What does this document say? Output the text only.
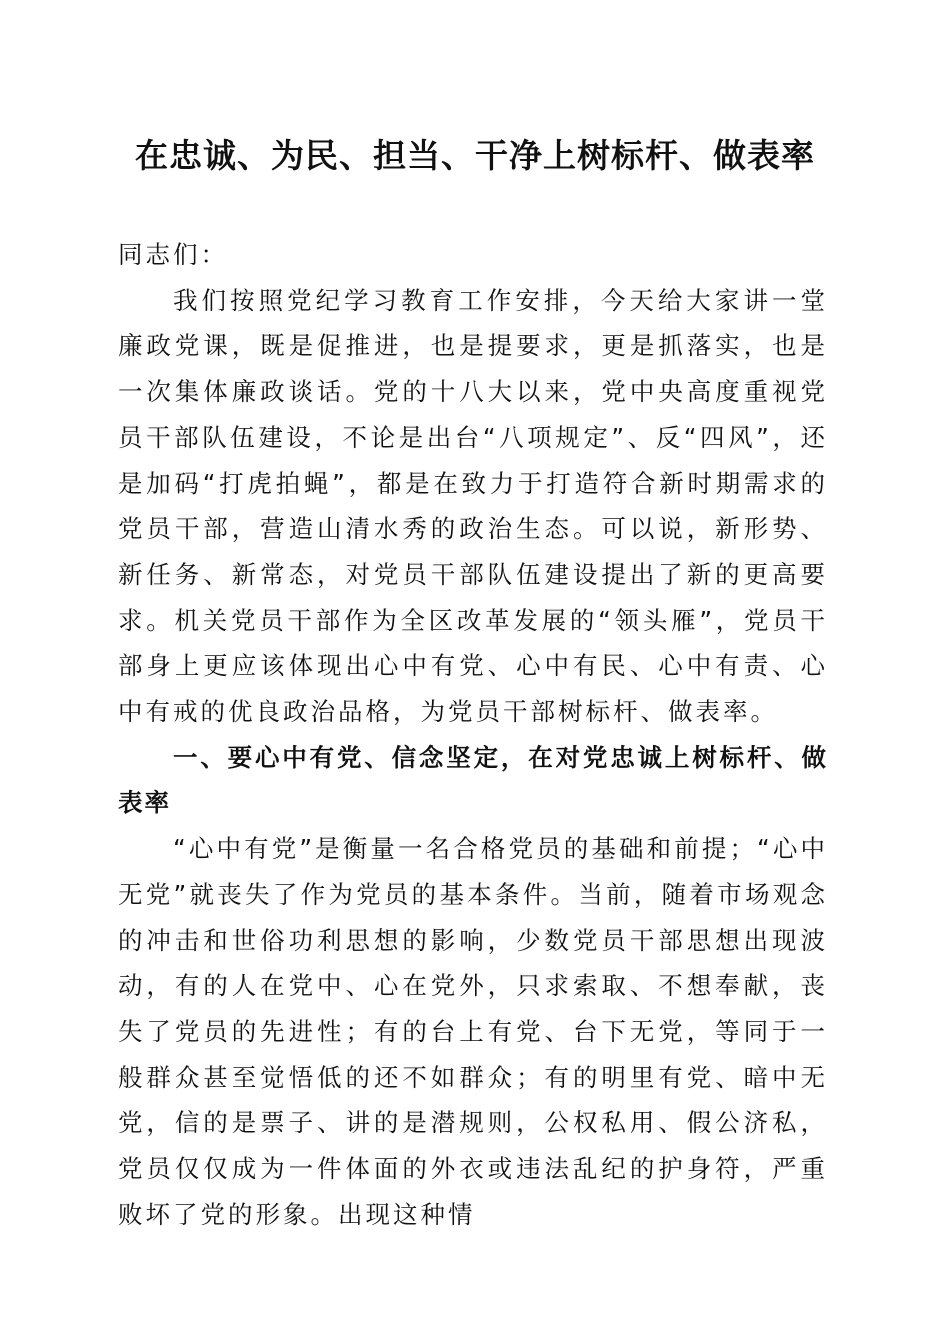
在忠诚、为民、担当、干净上树标杆、做表率

同志们：

我们按照党纪学习教育工作安排，今天给大家讲一堂廉政党课，既是促推进，也是提要求，更是抓落实，也是一次集体廉政谈话。党的十八大以来，党中央高度重视党员干部队伍建设，不论是出台“八项规定”、反“四风”，还是加码“打虎拍蝇”，都是在致力于打造符合新时期需求的党员干部，营造山清水秀的政治生态。可以说，新形势、新任务、新常态，对党员干部队伍建设提出了新的更高要求。机关党员干部作为全区改革发展的“领头雁”，党员干部身上更应该体现出心中有党、心中有民、心中有责、心中有戒的优良政治品格，为党员干部树标杆、做表率。

一、要心中有党、信念坚定，在对党忠诚上树标杆、做表率

“心中有党”是衡量一名合格党员的基础和前提；“心中无党”就丧失了作为党员的基本条件。当前，随着市场观念的冲击和世俗功利思想的影响，少数党员干部思想出现波动，有的人在党中、心在党外，只求索取、不想奉献，丧失了党员的先进性；有的台上有党、台下无党，等同于一般群众甚至觉悟低的还不如群众；有的明里有党、暗中无党，信的是票子、讲的是潜规则，公权私用、假公济私，党员仅仅成为一件体面的外衣或违法乱纪的护身符，严重败坏了党的形象。出现这种情
